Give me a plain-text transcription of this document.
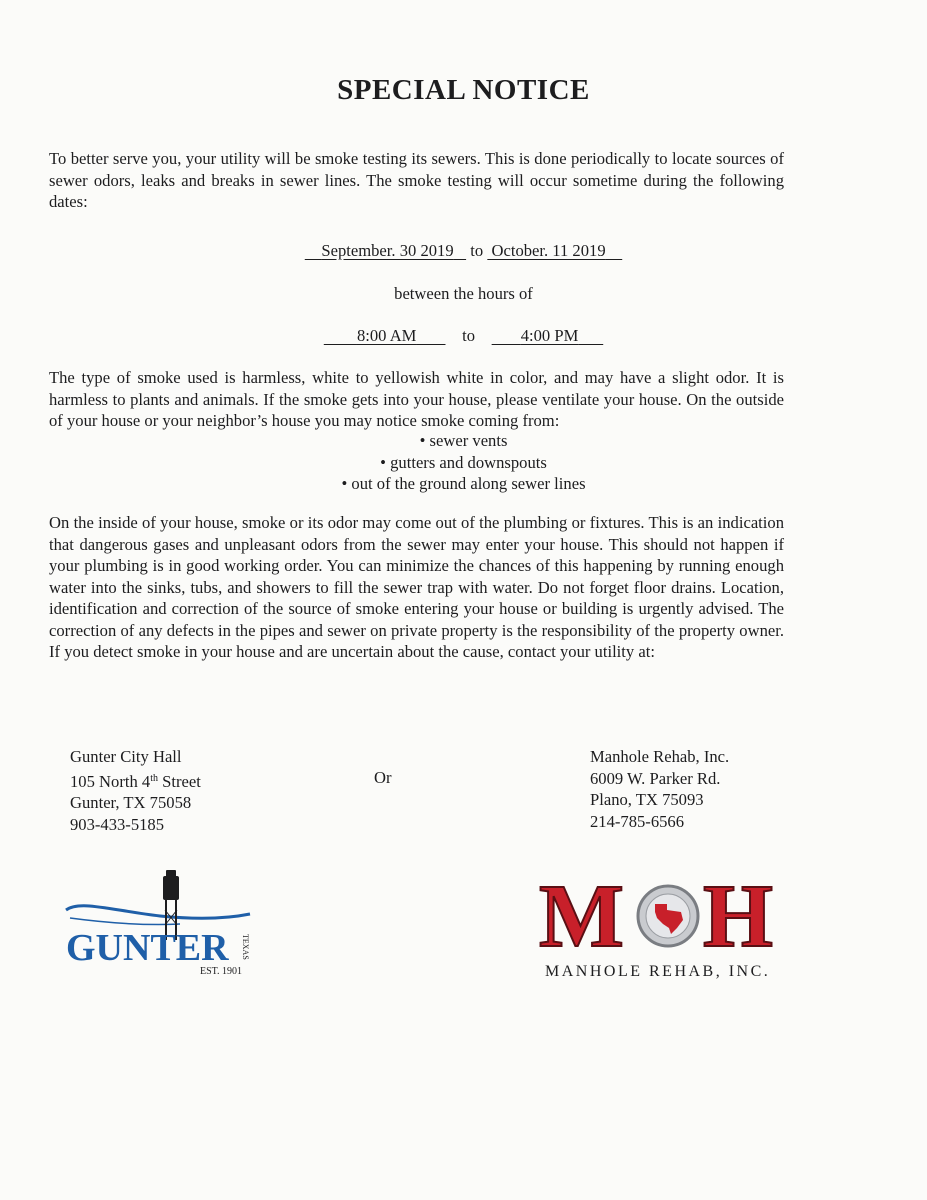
SPECIAL NOTICE

To better serve you, your utility will be smoke testing its sewers. This is done periodically to locate sources of sewer odors, leaks and breaks in sewer lines. The smoke testing will occur sometime during the following dates:

September. 30 2019 to October. 11 2019
between the hours of
8:00 AM	to	4:00 PM

The type of smoke used is harmless, white to yellowish white in color, and may have a slight odor. It is harmless to plants and animals. If the smoke gets into your house, please ventilate your house. On the outside of your house or your neighbor’s house you may notice smoke coming from:

• sewer vents
• gutters and downspouts
• out of the ground along sewer lines

On the inside of your house, smoke or its odor may come out of the plumbing or fixtures. This is an indication that dangerous gases and unpleasant odors from the sewer may enter your house. This should not happen if your plumbing is in good working order. You can minimize the chances of this happening by running enough water into the sinks, tubs, and showers to fill the sewer trap with water. Do not forget floor drains. Location, identification and correction of the source of smoke entering your house or building is urgently advised. The correction of any defects in the pipes and sewer on private property is the responsibility of the property owner. If you detect smoke in your house and are uncertain about the cause, contact your utility at:

Gunter City Hall
105 North 4th Street
Gunter, TX 75058
903-433-5185
Or
Manhole Rehab, Inc.
6009 W. Parker Rd.
Plano, TX 75093
214-785-6566
GUNTER
EST. 1901
TEXAS	M H
MANHOLE REHAB, INC.
